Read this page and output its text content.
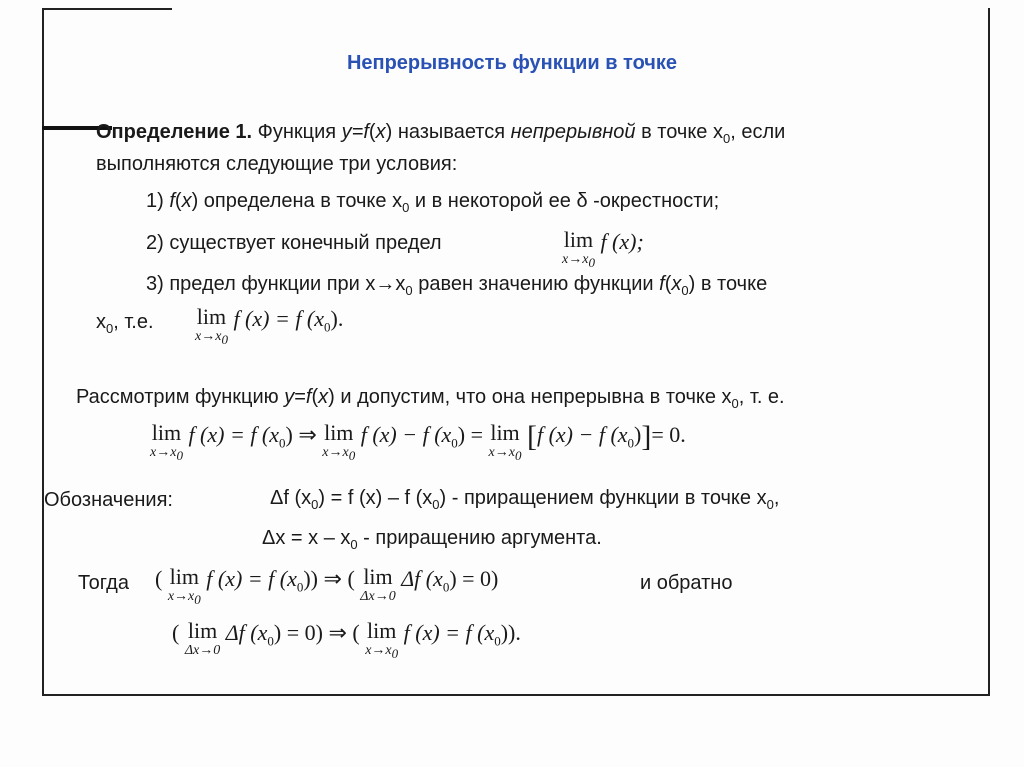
Непрерывность функции в точке
Определение 1. Функция y=f(x) называется непрерывной в точке $x_0$, если
выполняются следующие три условия:
1) f(x) определена в точке $x_0$ и в некоторой ее δ -окрестности;
2) существует конечный предел	lim
$x\to x_0$
f (x);
3) предел функции при $x\to x_0$ равен значению функции $f(x_0)$ в точке
$x_0$, т.е. lim
$x\to x_0$
f (x) = f $(x_0)$.
Рассмотрим функцию y=f(x) и допустим, что она непрерывна в точке $x_0$, т. е.
lim
$x\to x_0$
f (x) = f $(x_0)$ ⇒ lim
$x\to x_0$
f (x) − f $(x_0) = \lim$
$x\to x_0$
[f (x) − f $(x_0)]= 0$.
Обозначения:	Δf $(x_0) = f$ (x) – f $(x_0)$ - приращением функции в точке $x_0$,
$\Delta x = x - x_0$ - приращению аргумента.
Тогда ( lim
$x\to x_0$
f (x) = f $(x_0)$) ⇒ ( lim
Δx→0
Δf $(x_0) = 0$)	и обратно
( lim
Δx→0
Δf $(x_0) = 0$) ⇒ ( lim
$x\to x_0$
f (x) = f $(x_0)$).
